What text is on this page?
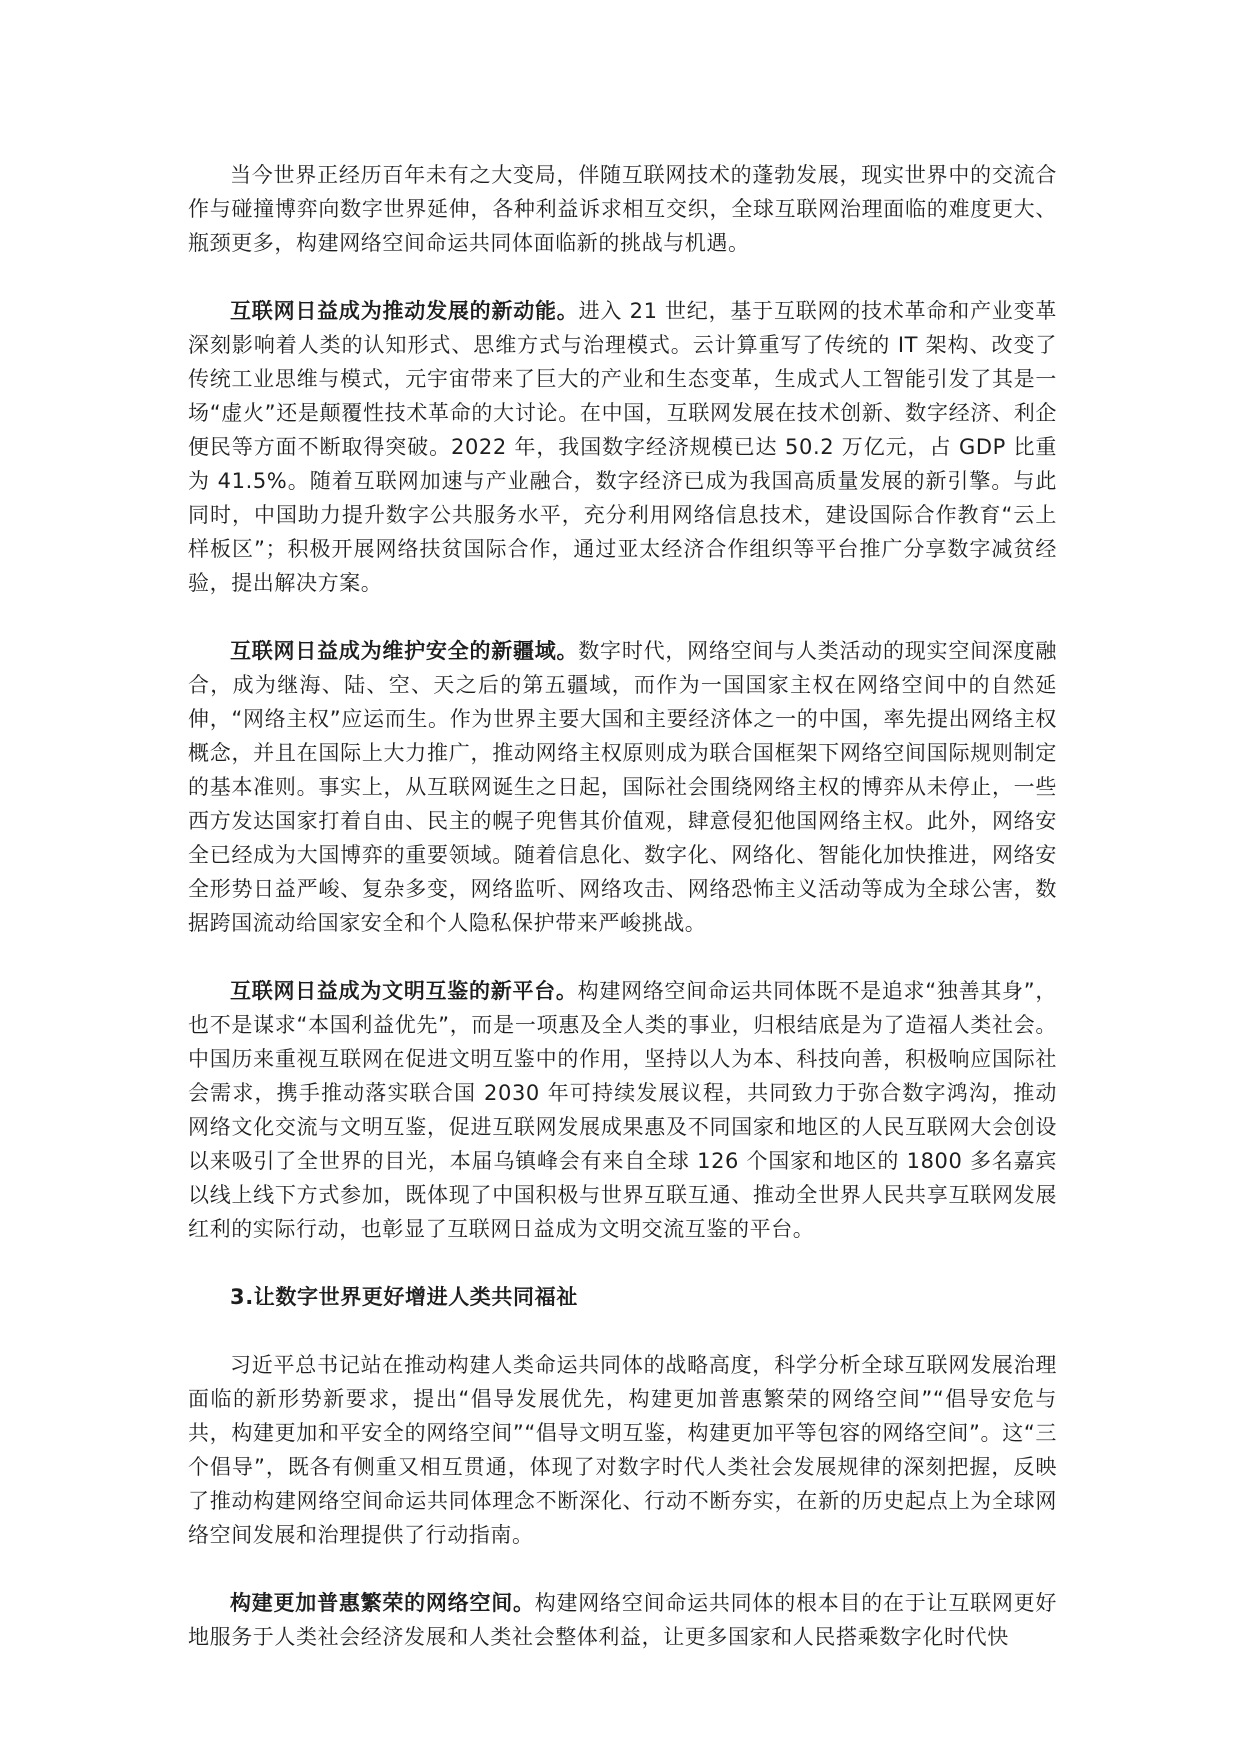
当今世界正经历百年未有之大变局，伴随互联网技术的蓬勃发展，现实世界中的交流合作与碰撞博弈向数字世界延伸，各种利益诉求相互交织，全球互联网治理面临的难度更大、瓶颈更多，构建网络空间命运共同体面临新的挑战与机遇。

互联网日益成为推动发展的新动能。进入 21 世纪，基于互联网的技术革命和产业变革深刻影响着人类的认知形式、思维方式与治理模式。云计算重写了传统的 IT 架构、改变了传统工业思维与模式，元宇宙带来了巨大的产业和生态变革，生成式人工智能引发了其是一场“虚火”还是颠覆性技术革命的大讨论。在中国，互联网发展在技术创新、数字经济、利企便民等方面不断取得突破。2022 年，我国数字经济规模已达 50.2 万亿元，占 GDP 比重为 41.5%。随着互联网加速与产业融合，数字经济已成为我国高质量发展的新引擎。与此同时，中国助力提升数字公共服务水平，充分利用网络信息技术，建设国际合作教育“云上样板区”；积极开展网络扶贫国际合作，通过亚太经济合作组织等平台推广分享数字减贫经验，提出解决方案。

互联网日益成为维护安全的新疆域。数字时代，网络空间与人类活动的现实空间深度融合，成为继海、陆、空、天之后的第五疆域，而作为一国国家主权在网络空间中的自然延伸，“网络主权”应运而生。作为世界主要大国和主要经济体之一的中国，率先提出网络主权概念，并且在国际上大力推广，推动网络主权原则成为联合国框架下网络空间国际规则制定的基本准则。事实上，从互联网诞生之日起，国际社会围绕网络主权的博弈从未停止，一些西方发达国家打着自由、民主的幌子兜售其价值观，肆意侵犯他国网络主权。此外，网络安全已经成为大国博弈的重要领域。随着信息化、数字化、网络化、智能化加快推进，网络安全形势日益严峻、复杂多变，网络监听、网络攻击、网络恐怖主义活动等成为全球公害，数据跨国流动给国家安全和个人隐私保护带来严峻挑战。

互联网日益成为文明互鉴的新平台。构建网络空间命运共同体既不是追求“独善其身”，也不是谋求“本国利益优先”，而是一项惠及全人类的事业，归根结底是为了造福人类社会。中国历来重视互联网在促进文明互鉴中的作用，坚持以人为本、科技向善，积极响应国际社会需求，携手推动落实联合国 2030 年可持续发展议程，共同致力于弥合数字鸿沟，推动网络文化交流与文明互鉴，促进互联网发展成果惠及不同国家和地区的人民互联网大会创设以来吸引了全世界的目光，本届乌镇峰会有来自全球 126 个国家和地区的 1800 多名嘉宾以线上线下方式参加，既体现了中国积极与世界互联互通、推动全世界人民共享互联网发展红利的实际行动，也彰显了互联网日益成为文明交流互鉴的平台。

3.让数字世界更好增进人类共同福祉

习近平总书记站在推动构建人类命运共同体的战略高度，科学分析全球互联网发展治理面临的新形势新要求，提出“倡导发展优先，构建更加普惠繁荣的网络空间”“倡导安危与共，构建更加和平安全的网络空间”“倡导文明互鉴，构建更加平等包容的网络空间”。这“三个倡导”，既各有侧重又相互贯通，体现了对数字时代人类社会发展规律的深刻把握，反映了推动构建网络空间命运共同体理念不断深化、行动不断夯实，在新的历史起点上为全球网络空间发展和治理提供了行动指南。

构建更加普惠繁荣的网络空间。构建网络空间命运共同体的根本目的在于让互联网更好地服务于人类社会经济发展和人类社会整体利益，让更多国家和人民搭乘数字化时代快
